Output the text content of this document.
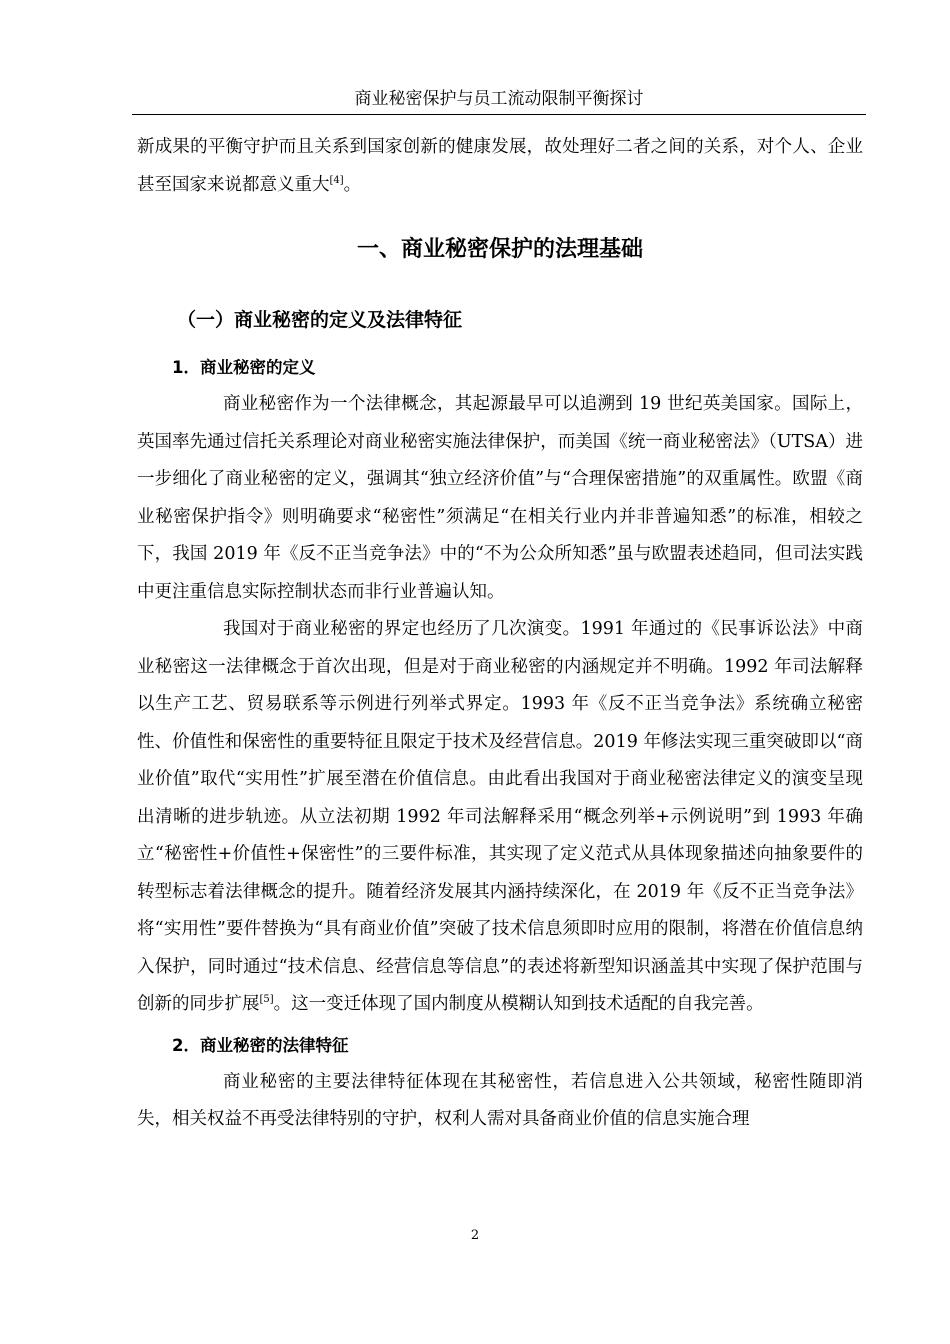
商业秘密保护与员工流动限制平衡探讨

新成果的平衡守护而且关系到国家创新的健康发展，故处理好二者之间的关系，对个人、企业甚至国家来说都意义重大[4]。

一、商业秘密保护的法理基础
（一）商业秘密的定义及法律特征
1．商业秘密的定义

商业秘密作为一个法律概念，其起源最早可以追溯到 19 世纪英美国家。国际上，英国率先通过信托关系理论对商业秘密实施法律保护，而美国《统一商业秘密法》（UTSA）进一步细化了商业秘密的定义，强调其“独立经济价值”与“合理保密措施”的双重属性。欧盟《商业秘密保护指令》则明确要求“秘密性”须满足“在相关行业内并非普遍知悉”的标准，相较之下，我国 2019 年《反不正当竞争法》中的“不为公众所知悉”虽与欧盟表述趋同，但司法实践中更注重信息实际控制状态而非行业普遍认知。

我国对于商业秘密的界定也经历了几次演变。1991 年通过的《民事诉讼法》中商业秘密这一法律概念于首次出现，但是对于商业秘密的内涵规定并不明确。1992 年司法解释以生产工艺、贸易联系等示例进行列举式界定。1993 年《反不正当竞争法》系统确立秘密性、价值性和保密性的重要特征且限定于技术及经营信息。2019 年修法实现三重突破即以“商业价值”取代“实用性”扩展至潜在价值信息。由此看出我国对于商业秘密法律定义的演变呈现出清晰的进步轨迹。从立法初期 1992 年司法解释采用“概念列举+示例说明”到 1993 年确立“秘密性+价值性+保密性”的三要件标准，其实现了定义范式从具体现象描述向抽象要件的转型标志着法律概念的提升。随着经济发展其内涵持续深化，在 2019 年《反不正当竞争法》将“实用性”要件替换为“具有商业价值”突破了技术信息须即时应用的限制，将潜在价值信息纳入保护，同时通过“技术信息、经营信息等信息”的表述将新型知识涵盖其中实现了保护范围与创新的同步扩展[5]。这一变迁体现了国内制度从模糊认知到技术适配的自我完善。

2．商业秘密的法律特征

商业秘密的主要法律特征体现在其秘密性，若信息进入公共领域，秘密性随即消失，相关权益不再受法律特别的守护，权利人需对具备商业价值的信息实施合理

2
